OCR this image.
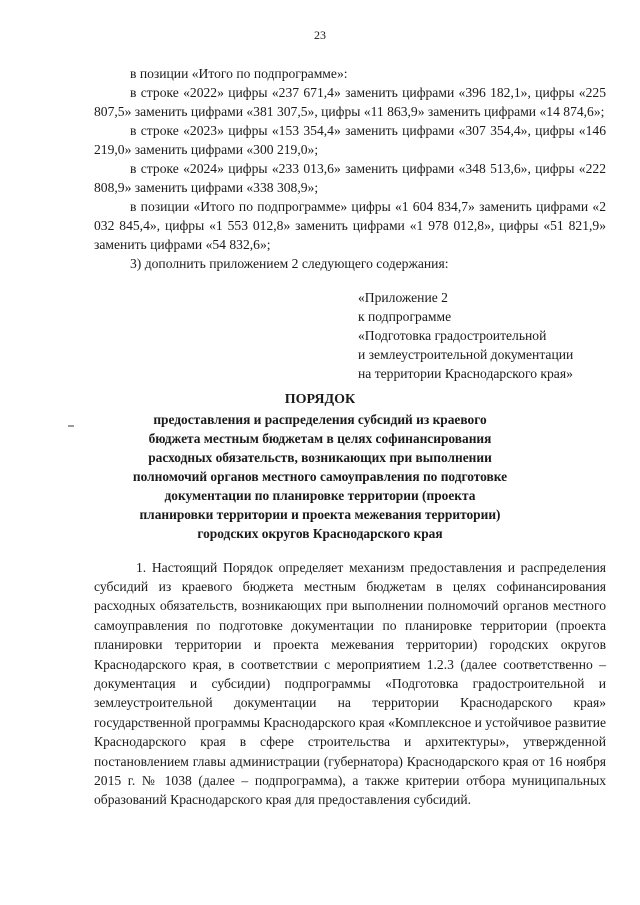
23

в позиции «Итого по подпрограмме»:

в строке «2022» цифры «237 671,4» заменить цифрами «396 182,1», цифры «225 807,5» заменить цифрами «381 307,5», цифры «11 863,9» заменить цифрами «14 874,6»;

в строке «2023» цифры «153 354,4» заменить цифрами «307 354,4», цифры «146 219,0» заменить цифрами «300 219,0»;

в строке «2024» цифры «233 013,6» заменить цифрами «348 513,6», цифры «222 808,9» заменить цифрами «338 308,9»;

в позиции «Итого по подпрограмме» цифры «1 604 834,7» заменить цифрами «2 032 845,4», цифры «1 553 012,8» заменить цифрами «1 978 012,8», цифры «51 821,9» заменить цифрами «54 832,6»;

3) дополнить приложением 2 следующего содержания:

«Приложение 2
к подпрограмме
«Подготовка градостроительной
и землеустроительной документации
на территории Краснодарского края»
ПОРЯДОК
предоставления и распределения субсидий из краевого
бюджета местным бюджетам в целях софинансирования
расходных обязательств, возникающих при выполнении
полномочий органов местного самоуправления по подготовке
документации по планировке территории (проекта
планировки территории и проекта межевания территории)
городских округов Краснодарского края

1. Настоящий Порядок определяет механизм предоставления и распределения субсидий из краевого бюджета местным бюджетам в целях софинансирования расходных обязательств, возникающих при выполнении полномочий органов местного самоуправления по подготовке документации по планировке территории (проекта планировки территории и проекта межевания территории) городских округов Краснодарского края, в соответствии с мероприятием 1.2.3 (далее соответственно – документация и субсидии) подпрограммы «Подготовка градостроительной и землеустроительной документации на территории Краснодарского края» государственной программы Краснодарского края «Комплексное и устойчивое развитие Краснодарского края в сфере строительства и архитектуры», утвержденной постановлением главы администрации (губернатора) Краснодарского края от 16 ноября 2015 г. № 1038 (далее – подпрограмма), а также критерии отбора муниципальных образований Краснодарского края для предоставления субсидий.
